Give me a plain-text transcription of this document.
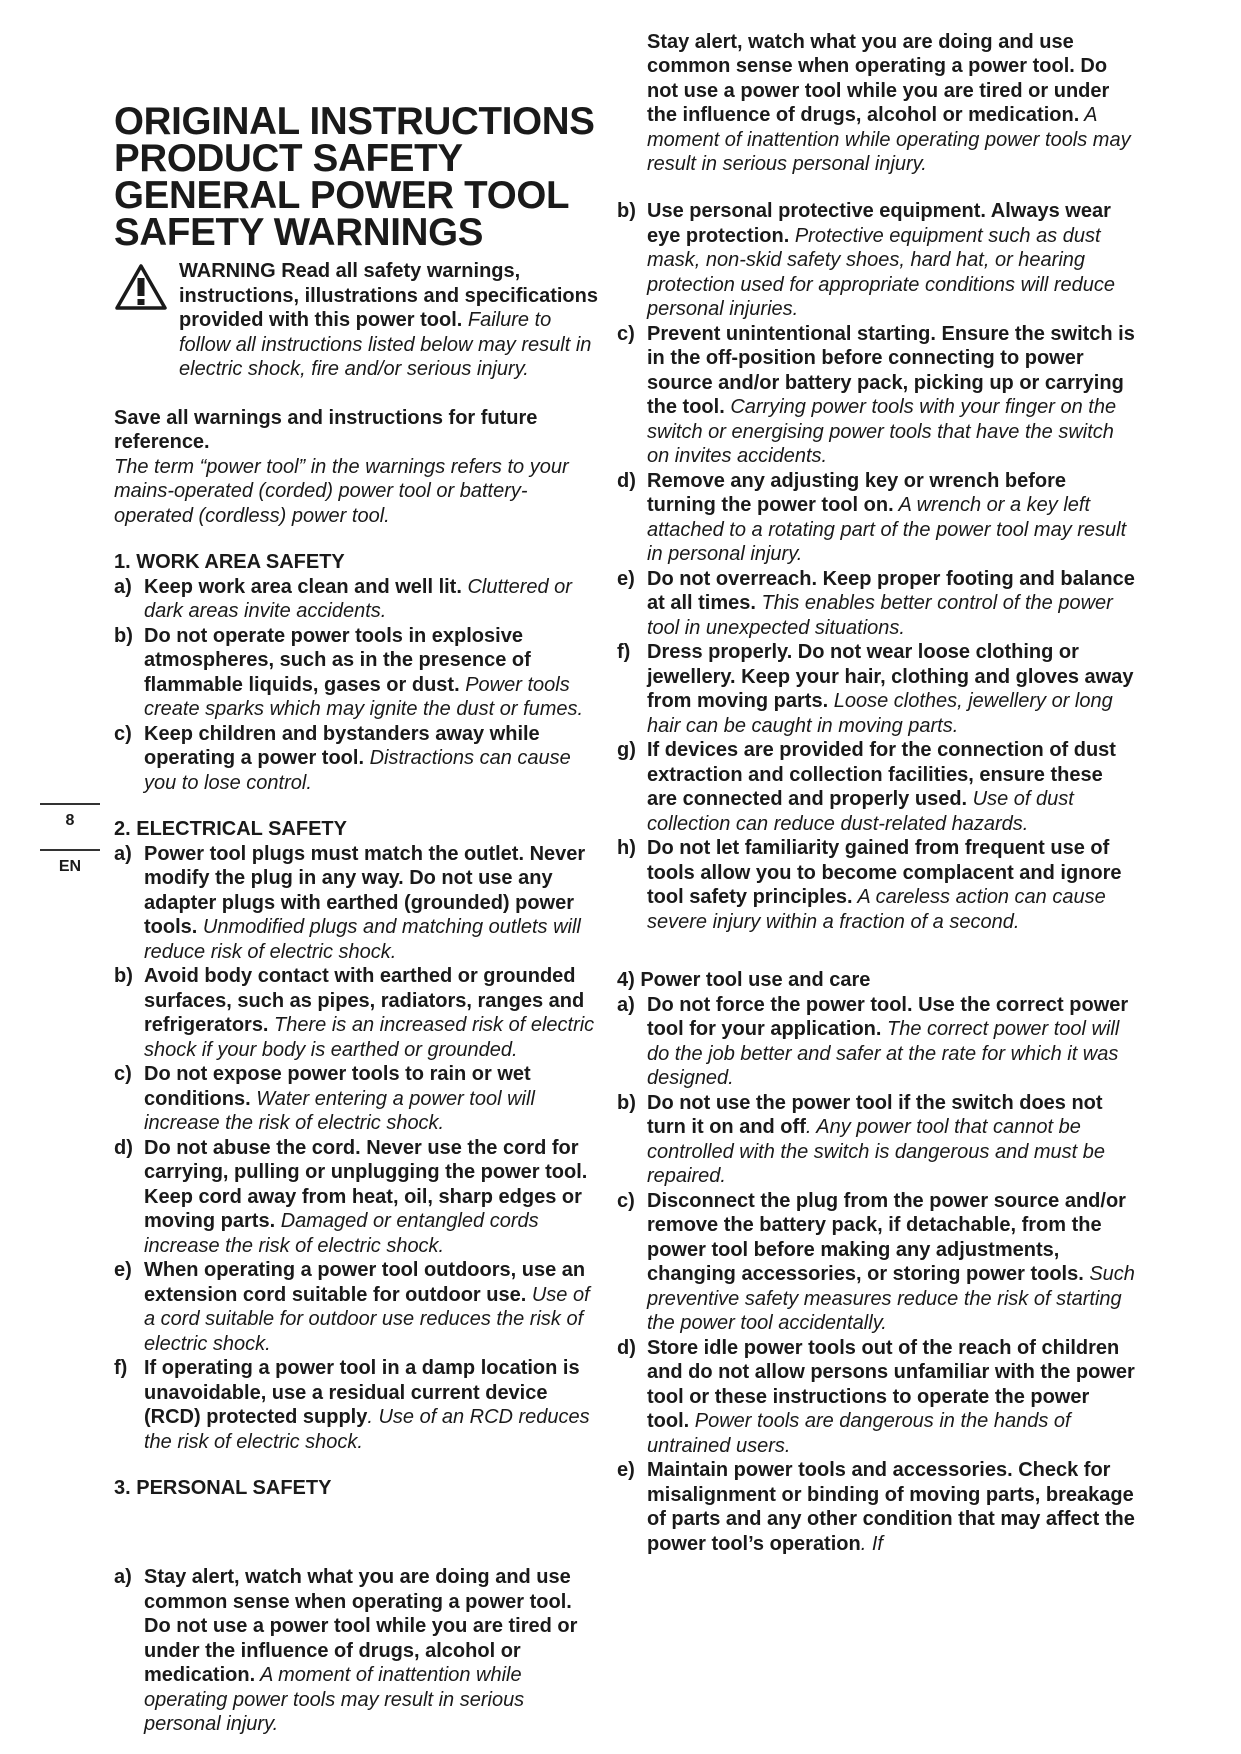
8
EN
ORIGINAL INSTRUCTIONS
PRODUCT SAFETY
GENERAL POWER TOOL
SAFETY WARNINGS

WARNING Read all safety warnings, instructions, illustrations and specifications provided with this power tool. Failure to follow all instructions listed below may result in electric shock, fire and/or serious injury.

Save all warnings and instructions for future reference.

The term “power tool” in the warnings refers to your mains-operated (corded) power tool or battery-operated (cordless) power tool.

1. WORK AREA SAFETY

a) Keep work area clean and well lit. Cluttered or dark areas invite accidents.
b) Do not operate power tools in explosive atmospheres, such as in the presence of flammable liquids, gases or dust. Power tools create sparks which may ignite the dust or fumes.
c) Keep children and bystanders away while operating a power tool. Distractions can cause you to lose control.

2. ELECTRICAL SAFETY

a) Power tool plugs must match the outlet. Never modify the plug in any way. Do not use any adapter plugs with earthed (grounded) power tools. Unmodified plugs and matching outlets will reduce risk of electric shock.
b) Avoid body contact with earthed or grounded surfaces, such as pipes, radiators, ranges and refrigerators. There is an increased risk of electric shock if your body is earthed or grounded.
c) Do not expose power tools to rain or wet conditions. Water entering a power tool will increase the risk of electric shock.
d) Do not abuse the cord. Never use the cord for carrying, pulling or unplugging the power tool. Keep cord away from heat, oil, sharp edges or moving parts. Damaged or entangled cords increase the risk of electric shock.
e) When operating a power tool outdoors, use an extension cord suitable for outdoor use. Use of a cord suitable for outdoor use reduces the risk of electric shock.
f) If operating a power tool in a damp location is unavoidable, use a residual current device (RCD) protected supply. Use of an RCD reduces the risk of electric shock.

3. PERSONAL SAFETY

a) Stay alert, watch what you are doing and use common sense when operating a power tool. Do not use a power tool while you are tired or under the influence of drugs, alcohol or medication. A moment of inattention while operating power tools may result in serious personal injury.
Stay alert, watch what you are doing and use common sense when operating a power tool. Do not use a power tool while you are tired or under the influence of drugs, alcohol or medication. A moment of inattention while operating power tools may result in serious personal injury.
b) Use personal protective equipment. Always wear eye protection. Protective equipment such as dust mask, non-skid safety shoes, hard hat, or hearing protection used for appropriate conditions will reduce personal injuries.
c) Prevent unintentional starting. Ensure the switch is in the off-position before connecting to power source and/or battery pack, picking up or carrying the tool. Carrying power tools with your finger on the switch or energising power tools that have the switch on invites accidents.
d) Remove any adjusting key or wrench before turning the power tool on. A wrench or a key left attached to a rotating part of the power tool may result in personal injury.
e) Do not overreach. Keep proper footing and balance at all times. This enables better control of the power tool in unexpected situations.
f) Dress properly. Do not wear loose clothing or jewellery. Keep your hair, clothing and gloves away from moving parts. Loose clothes, jewellery or long hair can be caught in moving parts.
g) If devices are provided for the connection of dust extraction and collection facilities, ensure these are connected and properly used. Use of dust collection can reduce dust-related hazards.
h) Do not let familiarity gained from frequent use of tools allow you to become complacent and ignore tool safety principles. A careless action can cause severe injury within a fraction of a second.

4) Power tool use and care

a) Do not force the power tool. Use the correct power tool for your application. The correct power tool will do the job better and safer at the rate for which it was designed.
b) Do not use the power tool if the switch does not turn it on and off. Any power tool that cannot be controlled with the switch is dangerous and must be repaired.
c) Disconnect the plug from the power source and/or remove the battery pack, if detachable, from the power tool before making any adjustments, changing accessories, or storing power tools. Such preventive safety measures reduce the risk of starting the power tool accidentally.
d) Store idle power tools out of the reach of children and do not allow persons unfamiliar with the power tool or these instructions to operate the power tool. Power tools are dangerous in the hands of untrained users.
e) Maintain power tools and accessories. Check for misalignment or binding of moving parts, breakage of parts and any other condition that may affect the power tool’s operation. If
